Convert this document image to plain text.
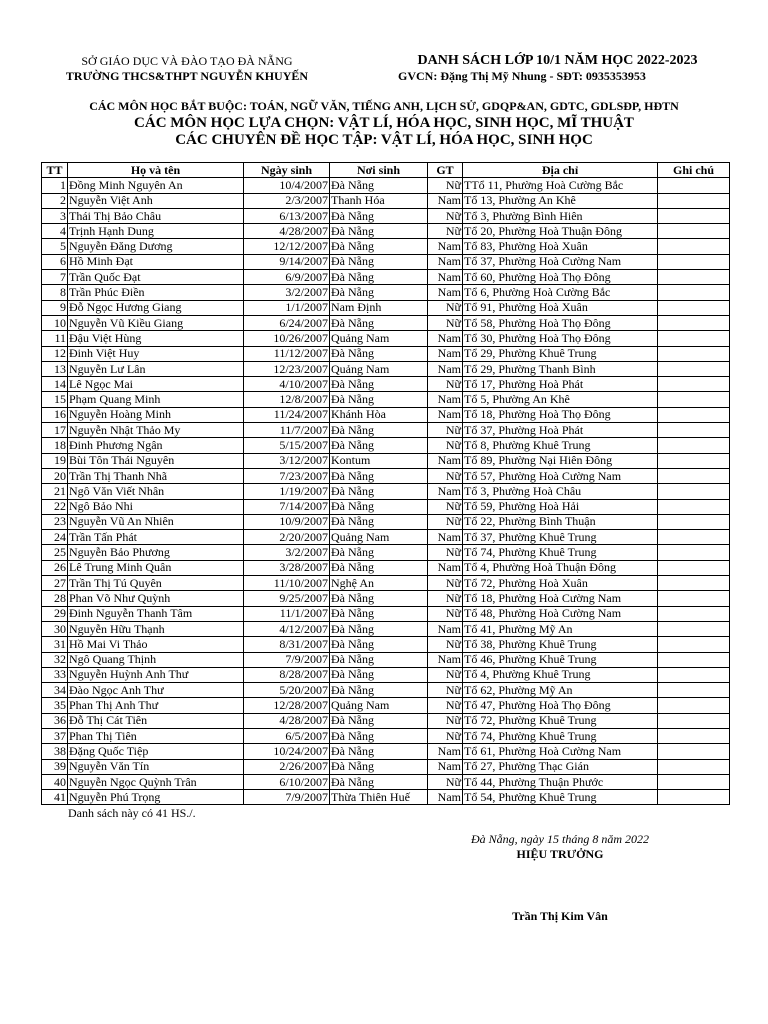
SỞ GIÁO DỤC VÀ ĐÀO TẠO ĐÀ NẴNG
TRƯỜNG THCS&THPT NGUYỄN KHUYẾN
DANH SÁCH LỚP 10/1 NĂM HỌC 2022-2023
GVCN: Đặng Thị Mỹ Nhung - SĐT: 0935353953
CÁC MÔN HỌC BẮT BUỘC: TOÁN, NGỮ VĂN, TIẾNG ANH, LỊCH SỬ, GDQP&AN, GDTC, GDLSĐP, HĐTN
CÁC MÔN HỌC LỰA CHỌN: VẬT LÍ, HÓA HỌC, SINH HỌC, MĨ THUẬT
CÁC CHUYÊN ĐỀ HỌC TẬP: VẬT LÍ, HÓA HỌC, SINH HỌC
TT	Họ và tên	Ngày sinh	Nơi sinh	GT	Địa chỉ	Ghi chú
1	Đồng Minh Nguyên An	10/4/2007	Đà Nẵng	Nữ	TTổ 11, Phường Hoà Cường Bắc	
2	Nguyễn Việt Anh	2/3/2007	Thanh Hóa	Nam	Tổ 13, Phường An Khê	
3	Thái Thị Bảo Châu	6/13/2007	Đà Nẵng	Nữ	Tổ 3, Phường Bình Hiên	
4	Trịnh Hạnh Dung	4/28/2007	Đà Nẵng	Nữ	Tổ 20, Phường Hoà Thuận Đông	
5	Nguyễn Đăng Dương	12/12/2007	Đà Nẵng	Nam	Tổ 83, Phường Hoà Xuân	
6	Hồ Minh Đạt	9/14/2007	Đà Nẵng	Nam	Tổ 37, Phường Hoà Cường Nam	
7	Trần Quốc Đạt	6/9/2007	Đà Nẵng	Nam	Tổ 60, Phường Hoà Thọ Đông	
8	Trần Phúc Điền	3/2/2007	Đà Nẵng	Nam	Tổ 6, Phường Hoà Cường Bắc	
9	Đỗ Ngọc Hương Giang	1/1/2007	Nam Định	Nữ	Tổ 91, Phường Hoà Xuân	
10	Nguyễn Vũ Kiều Giang	6/24/2007	Đà Nẵng	Nữ	Tổ 58, Phường Hoà Thọ Đông	
11	Đậu Việt Hùng	10/26/2007	Quảng Nam	Nam	Tổ 30, Phường Hoà Thọ Đông	
12	Đinh Việt Huy	11/12/2007	Đà Nẵng	Nam	Tổ 29, Phường Khuê Trung	
13	Nguyễn Lư Lân	12/23/2007	Quảng Nam	Nam	Tổ 29, Phường Thanh Bình	
14	Lê Ngọc Mai	4/10/2007	Đà Nẵng	Nữ	Tổ 17, Phường Hoà Phát	
15	Phạm Quang Minh	12/8/2007	Đà Nẵng	Nam	Tổ 5, Phường An Khê	
16	Nguyễn Hoàng Minh	11/24/2007	Khánh Hòa	Nam	Tổ 18, Phường Hoà Thọ Đông	
17	Nguyễn Nhật Thảo My	11/7/2007	Đà Nẵng	Nữ	Tổ 37, Phường Hoà Phát	
18	Đinh Phương Ngân	5/15/2007	Đà Nẵng	Nữ	Tổ 8, Phường Khuê Trung	
19	Bùi Tôn Thái Nguyên	3/12/2007	Kontum	Nam	Tổ 89, Phường Nại Hiên Đông	
20	Trần Thị Thanh Nhã	7/23/2007	Đà Nẵng	Nữ	Tổ 57, Phường Hoà Cường Nam	
21	Ngô Văn Viết Nhân	1/19/2007	Đà Nẵng	Nam	Tổ 3, Phường Hoà Châu	
22	Ngô Bảo Nhi	7/14/2007	Đà Nẵng	Nữ	Tổ 59, Phường Hoà Hải	
23	Nguyễn Vũ An Nhiên	10/9/2007	Đà Nẵng	Nữ	Tổ 22, Phường Bình Thuận	
24	Trần Tấn Phát	2/20/2007	Quảng Nam	Nam	Tổ 37, Phường Khuê Trung	
25	Nguyễn Bảo Phương	3/2/2007	Đà Nẵng	Nữ	Tổ 74, Phường Khuê Trung	
26	Lê Trung Minh Quân	3/28/2007	Đà Nẵng	Nam	Tổ 4, Phường Hoà Thuận Đông	
27	Trần Thị Tú Quyên	11/10/2007	Nghệ An	Nữ	Tổ 72, Phường Hoà Xuân	
28	Phan Võ Như Quỳnh	9/25/2007	Đà Nẵng	Nữ	Tổ 18, Phường Hoà Cường Nam	
29	Đinh Nguyễn Thanh Tâm	11/1/2007	Đà Nẵng	Nữ	Tổ 48, Phường Hoà Cường Nam	
30	Nguyễn Hữu Thạnh	4/12/2007	Đà Nẵng	Nam	Tổ 41, Phường Mỹ An	
31	Hồ Mai Vi Thảo	8/31/2007	Đà Nẵng	Nữ	Tổ 38, Phường Khuê Trung	
32	Ngô Quang Thịnh	7/9/2007	Đà Nẵng	Nam	Tổ 46, Phường Khuê Trung	
33	Nguyễn Huỳnh Anh Thư	8/28/2007	Đà Nẵng	Nữ	Tổ 4, Phường Khuê Trung	
34	Đào Ngọc Anh Thư	5/20/2007	Đà Nẵng	Nữ	Tổ 62, Phường Mỹ An	
35	Phan Thị Anh Thư	12/28/2007	Quảng Nam	Nữ	Tổ 47, Phường Hoà Thọ Đông	
36	Đỗ Thị Cát Tiên	4/28/2007	Đà Nẵng	Nữ	Tổ 72, Phường Khuê Trung	
37	Phan Thị Tiên	6/5/2007	Đà Nẵng	Nữ	Tổ 74, Phường Khuê Trung	
38	Đặng Quốc Tiệp	10/24/2007	Đà Nẵng	Nam	Tổ 61, Phường Hoà Cường Nam	
39	Nguyễn Văn Tín	2/26/2007	Đà Nẵng	Nam	Tổ 27, Phường Thạc Gián	
40	Nguyễn Ngọc Quỳnh Trân	6/10/2007	Đà Nẵng	Nữ	Tổ 44, Phường Thuận Phước	
41	Nguyễn Phú Trọng	7/9/2007	Thừa Thiên Huế	Nam	Tổ 54, Phường Khuê Trung	
Danh sách này có 41 HS./.
Đà Nẵng, ngày 15 tháng 8 năm 2022
HIỆU TRƯỞNG
Trần Thị Kim Vân
